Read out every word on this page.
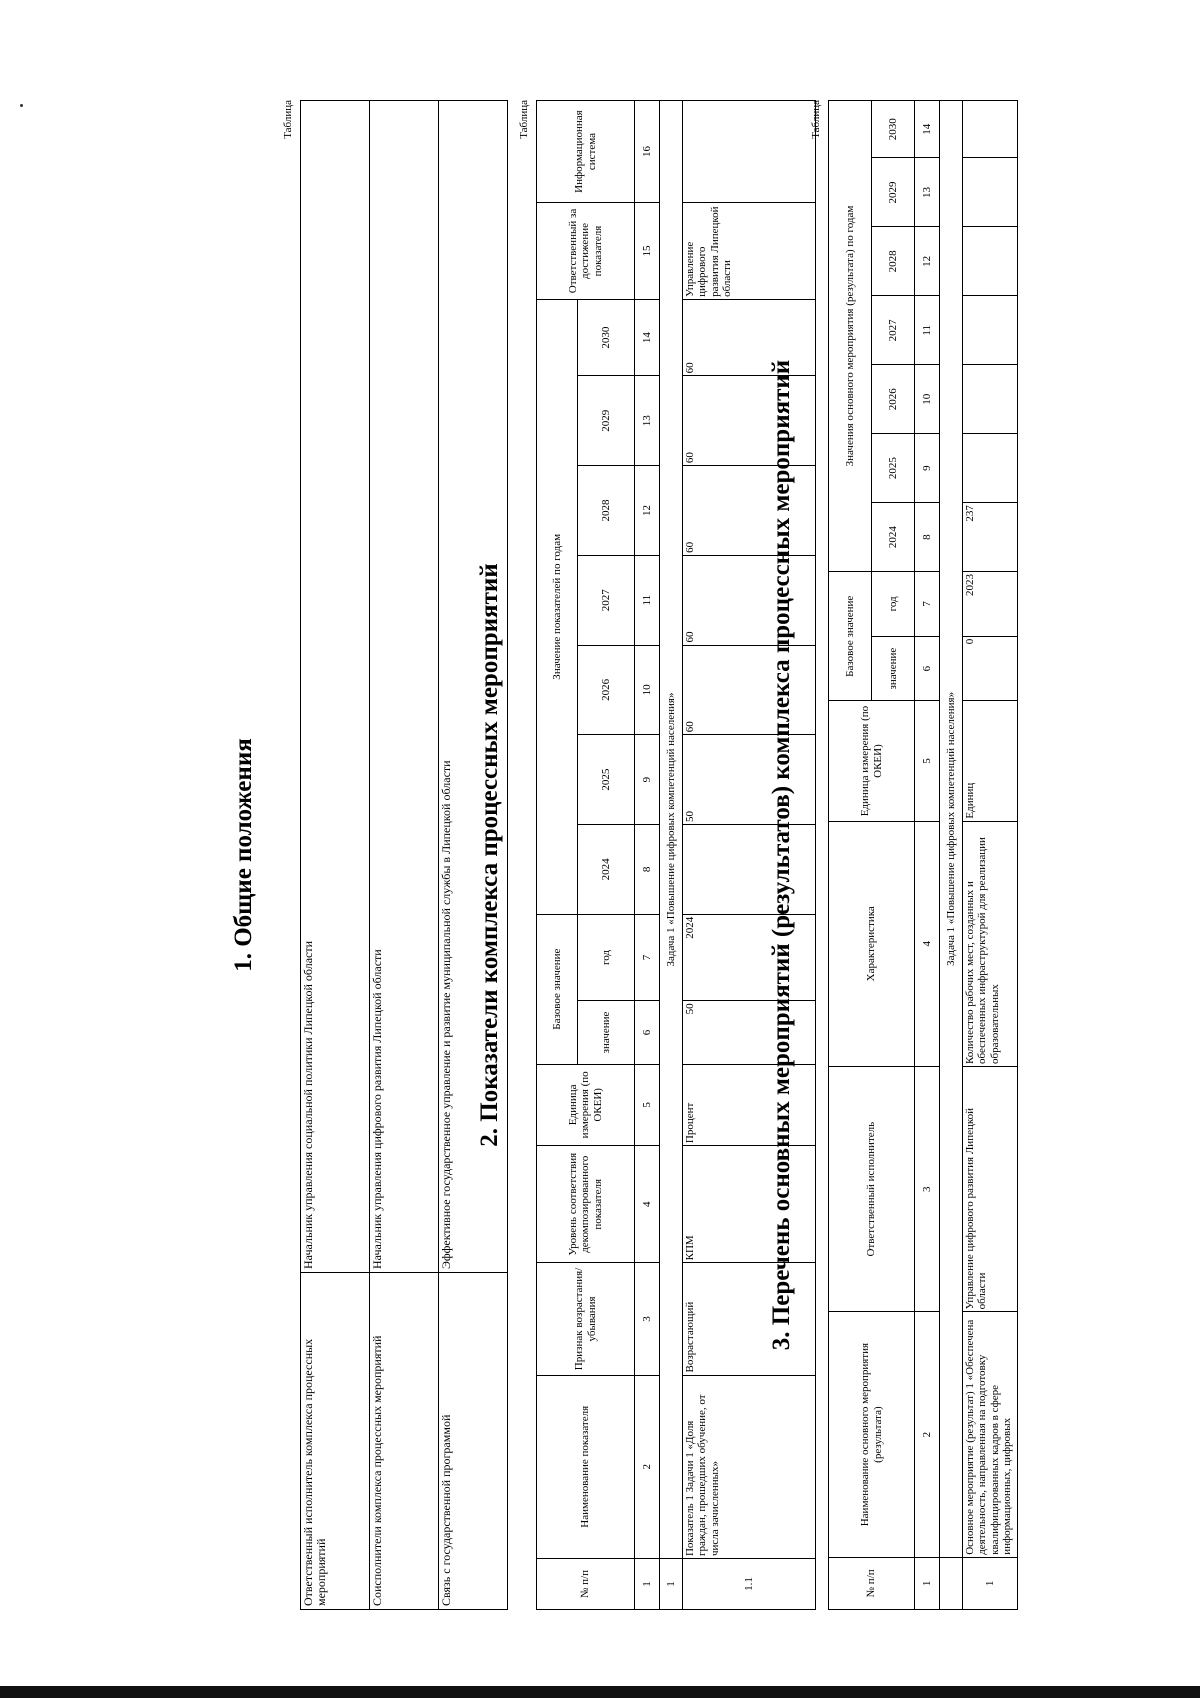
1. Общие положения
Таблица
Ответственный исполнитель комплекса процессных мероприятий	Начальник управления социальной политики Липецкой области
Соисполнители комплекса процессных мероприятий	Начальник управления цифрового развития Липецкой области
Связь с государственной программой	Эффективное государственное управление и развитие муниципальной службы в Липецкой области 2. Показатели комплекса процессных мероприятий
Таблица
№ п/п	Наименование показателя	Признак возрастания/ убывания	Уровень соответствия декомпозированного показателя	Единица измерения (по ОКЕИ)	Базовое значение		Значение показателей по годам							Ответственный за достижение показателя	Информационная система
					значение	год	2024	2025	2026	2027	2028	2029	2030		
1	2	3	4	5	6	7	8	9	10	11	12	13	14	15	16
1	Задача 1 «Повышение цифровых компетенций населения»														
1.1	Показатель 1 Задачи 1 «Доля граждан, прошедших обучение, от числа зачисленных»	Возрастающий	КПМ	Процент	50	2024		50	60	60	60	60	60	Управление цифрового развития Липецкой области	
3. Перечень основных мероприятий (результатов) комплекса процессных мероприятий
Таблица
№ п/п	Наименование основного мероприятия (результата)	Ответственный исполнитель	Характеристика	Единица измерения (по ОКЕИ)	Базовое значение		Значения основного мероприятия (результата) по годам						
					значение	год	2024	2025	2026	2027	2028	2029	2030
1	2	3	4	5	6	7	8	9	10	11	12	13	14
	Задача 1 «Повышение цифровых компетенций населения»												
1	Основное мероприятие (результат) 1 «Обеспечена деятельность, направленная на подготовку квалифицированных кадров в сфере информационных, цифровых	Управление цифрового развития Липецкой области	Количество рабочих мест, созданных и обеспеченных инфраструктурой для реализации образовательных	Единиц	0	2023	237						
